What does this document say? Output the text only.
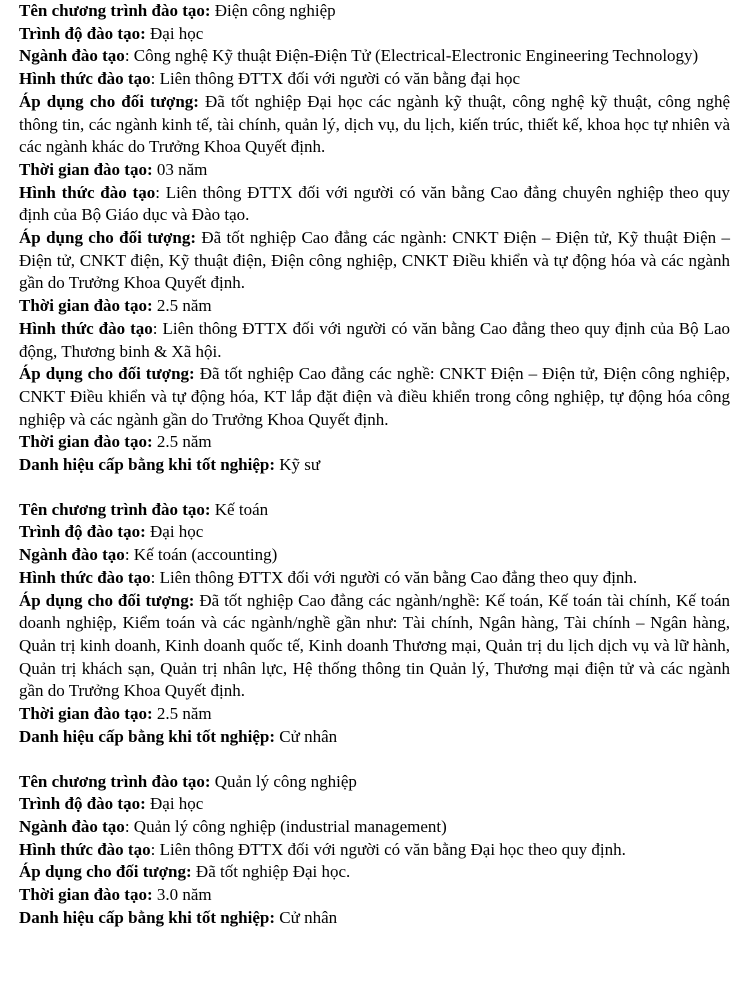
Tên chương trình đào tạo: Điện công nghiệp

Trình độ đào tạo: Đại học

Ngành đào tạo: Công nghệ Kỹ thuật Điện-Điện Tử (Electrical-Electronic Engineering Technology)

Hình thức đào tạo: Liên thông ĐTTX đối với người có văn bằng đại học

Áp dụng cho đối tượng: Đã tốt nghiệp Đại học các ngành kỹ thuật, công nghệ kỹ thuật, công nghệ thông tin, các ngành kinh tế, tài chính, quản lý, dịch vụ, du lịch, kiến trúc, thiết kế, khoa học tự nhiên và các ngành khác do Trưởng Khoa Quyết định.

Thời gian đào tạo: 03 năm

Hình thức đào tạo: Liên thông ĐTTX đối với người có văn bằng Cao đẳng chuyên nghiệp theo quy định của Bộ Giáo dục và Đào tạo.

Áp dụng cho đối tượng: Đã tốt nghiệp Cao đẳng các ngành: CNKT Điện – Điện tử, Kỹ thuật Điện – Điện tử, CNKT điện, Kỹ thuật điện, Điện công nghiệp, CNKT Điều khiển và tự động hóa và các ngành gần do Trưởng Khoa Quyết định.

Thời gian đào tạo: 2.5 năm

Hình thức đào tạo: Liên thông ĐTTX đối với người có văn bằng Cao đẳng theo quy định của Bộ Lao động, Thương binh & Xã hội.

Áp dụng cho đối tượng: Đã tốt nghiệp Cao đẳng các nghề: CNKT Điện – Điện tử, Điện công nghiệp, CNKT Điều khiển và tự động hóa, KT lắp đặt điện và điều khiển trong công nghiệp, tự động hóa công nghiệp và các ngành gần do Trưởng Khoa Quyết định.

Thời gian đào tạo: 2.5 năm

Danh hiệu cấp bằng khi tốt nghiệp: Kỹ sư

Tên chương trình đào tạo: Kế toán

Trình độ đào tạo: Đại học

Ngành đào tạo: Kế toán (accounting)

Hình thức đào tạo: Liên thông ĐTTX đối với người có văn bằng Cao đẳng theo quy định.

Áp dụng cho đối tượng: Đã tốt nghiệp Cao đẳng các ngành/nghề: Kế toán, Kế toán tài chính, Kế toán doanh nghiệp, Kiểm toán và các ngành/nghề gần như: Tài chính, Ngân hàng, Tài chính – Ngân hàng, Quản trị kinh doanh, Kinh doanh quốc tế, Kinh doanh Thương mại, Quản trị du lịch dịch vụ và lữ hành, Quản trị khách sạn, Quản trị nhân lực, Hệ thống thông tin Quản lý, Thương mại điện tử và các ngành gần do Trưởng Khoa Quyết định.

Thời gian đào tạo: 2.5 năm

Danh hiệu cấp bằng khi tốt nghiệp: Cử nhân

Tên chương trình đào tạo: Quản lý công nghiệp

Trình độ đào tạo: Đại học

Ngành đào tạo: Quản lý công nghiệp (industrial management)

Hình thức đào tạo: Liên thông ĐTTX đối với người có văn bằng Đại học theo quy định.

Áp dụng cho đối tượng: Đã tốt nghiệp Đại học.

Thời gian đào tạo: 3.0 năm

Danh hiệu cấp bằng khi tốt nghiệp: Cử nhân
